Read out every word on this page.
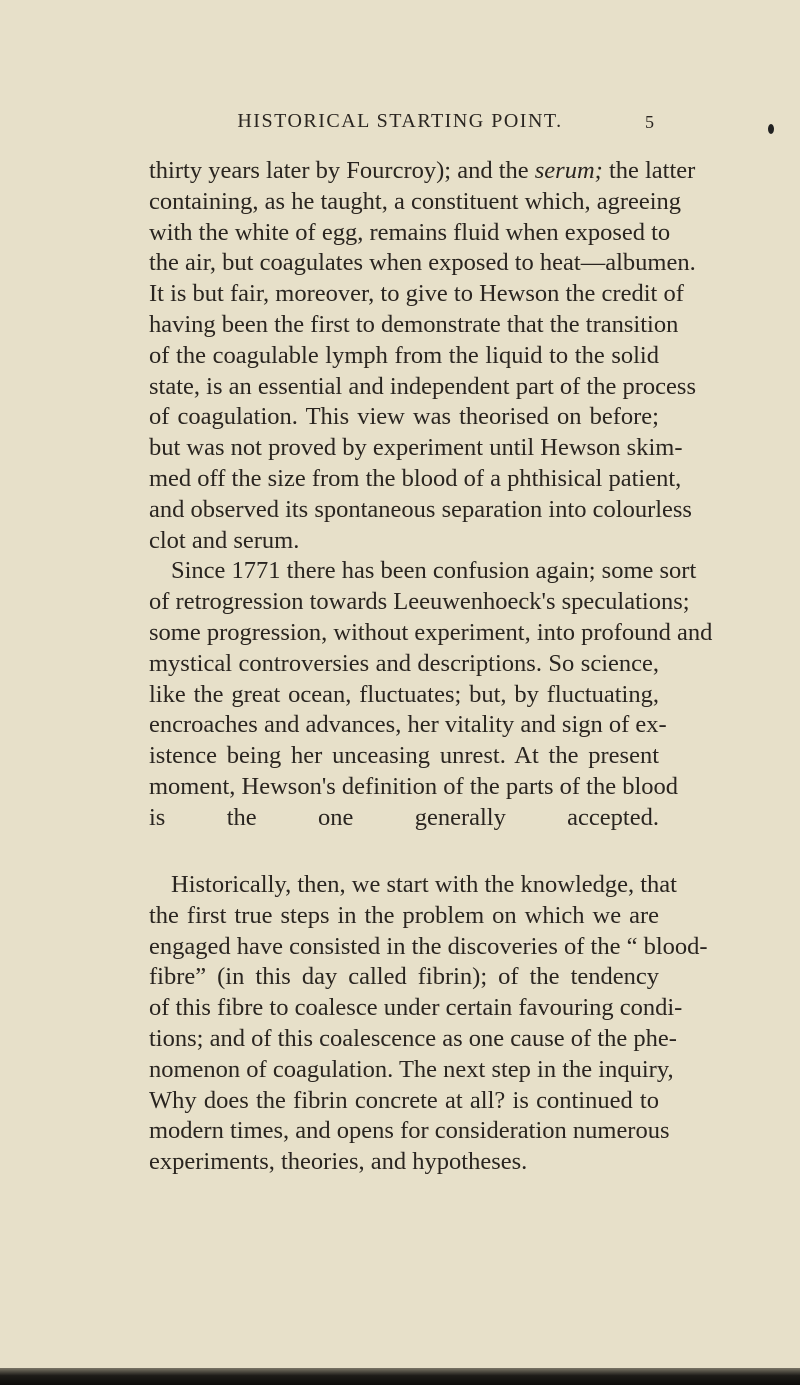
HISTORICAL STARTING POINT.	5
thirty years later by Fourcroy); and the serum; the latter
containing, as he taught, a constituent which, agreeing
with the white of egg, remains fluid when exposed to
the air, but coagulates when exposed to heat—albumen.
It is but fair, moreover, to give to Hewson the credit of
having been the first to demonstrate that the transition
of the coagulable lymph from the liquid to the solid
state, is an essential and independent part of the process
of coagulation. This view was theorised on before;
but was not proved by experiment until Hewson skim-
med off the size from the blood of a phthisical patient,
and observed its spontaneous separation into colourless
clot and serum.
Since 1771 there has been confusion again; some sort
of retrogression towards Leeuwenhoeck's speculations;
some progression, without experiment, into profound and
mystical controversies and descriptions. So science,
like the great ocean, fluctuates; but, by fluctuating,
encroaches and advances, her vitality and sign of ex-
istence being her unceasing unrest. At the present
moment, Hewson's definition of the parts of the blood
is the one generally accepted.
Historically, then, we start with the knowledge, that
the first true steps in the problem on which we are
engaged have consisted in the discoveries of the “ blood-
fibre” (in this day called fibrin); of the tendency
of this fibre to coalesce under certain favouring condi-
tions; and of this coalescence as one cause of the phe-
nomenon of coagulation. The next step in the inquiry,
Why does the fibrin concrete at all? is continued to
modern times, and opens for consideration numerous
experiments, theories, and hypotheses.
